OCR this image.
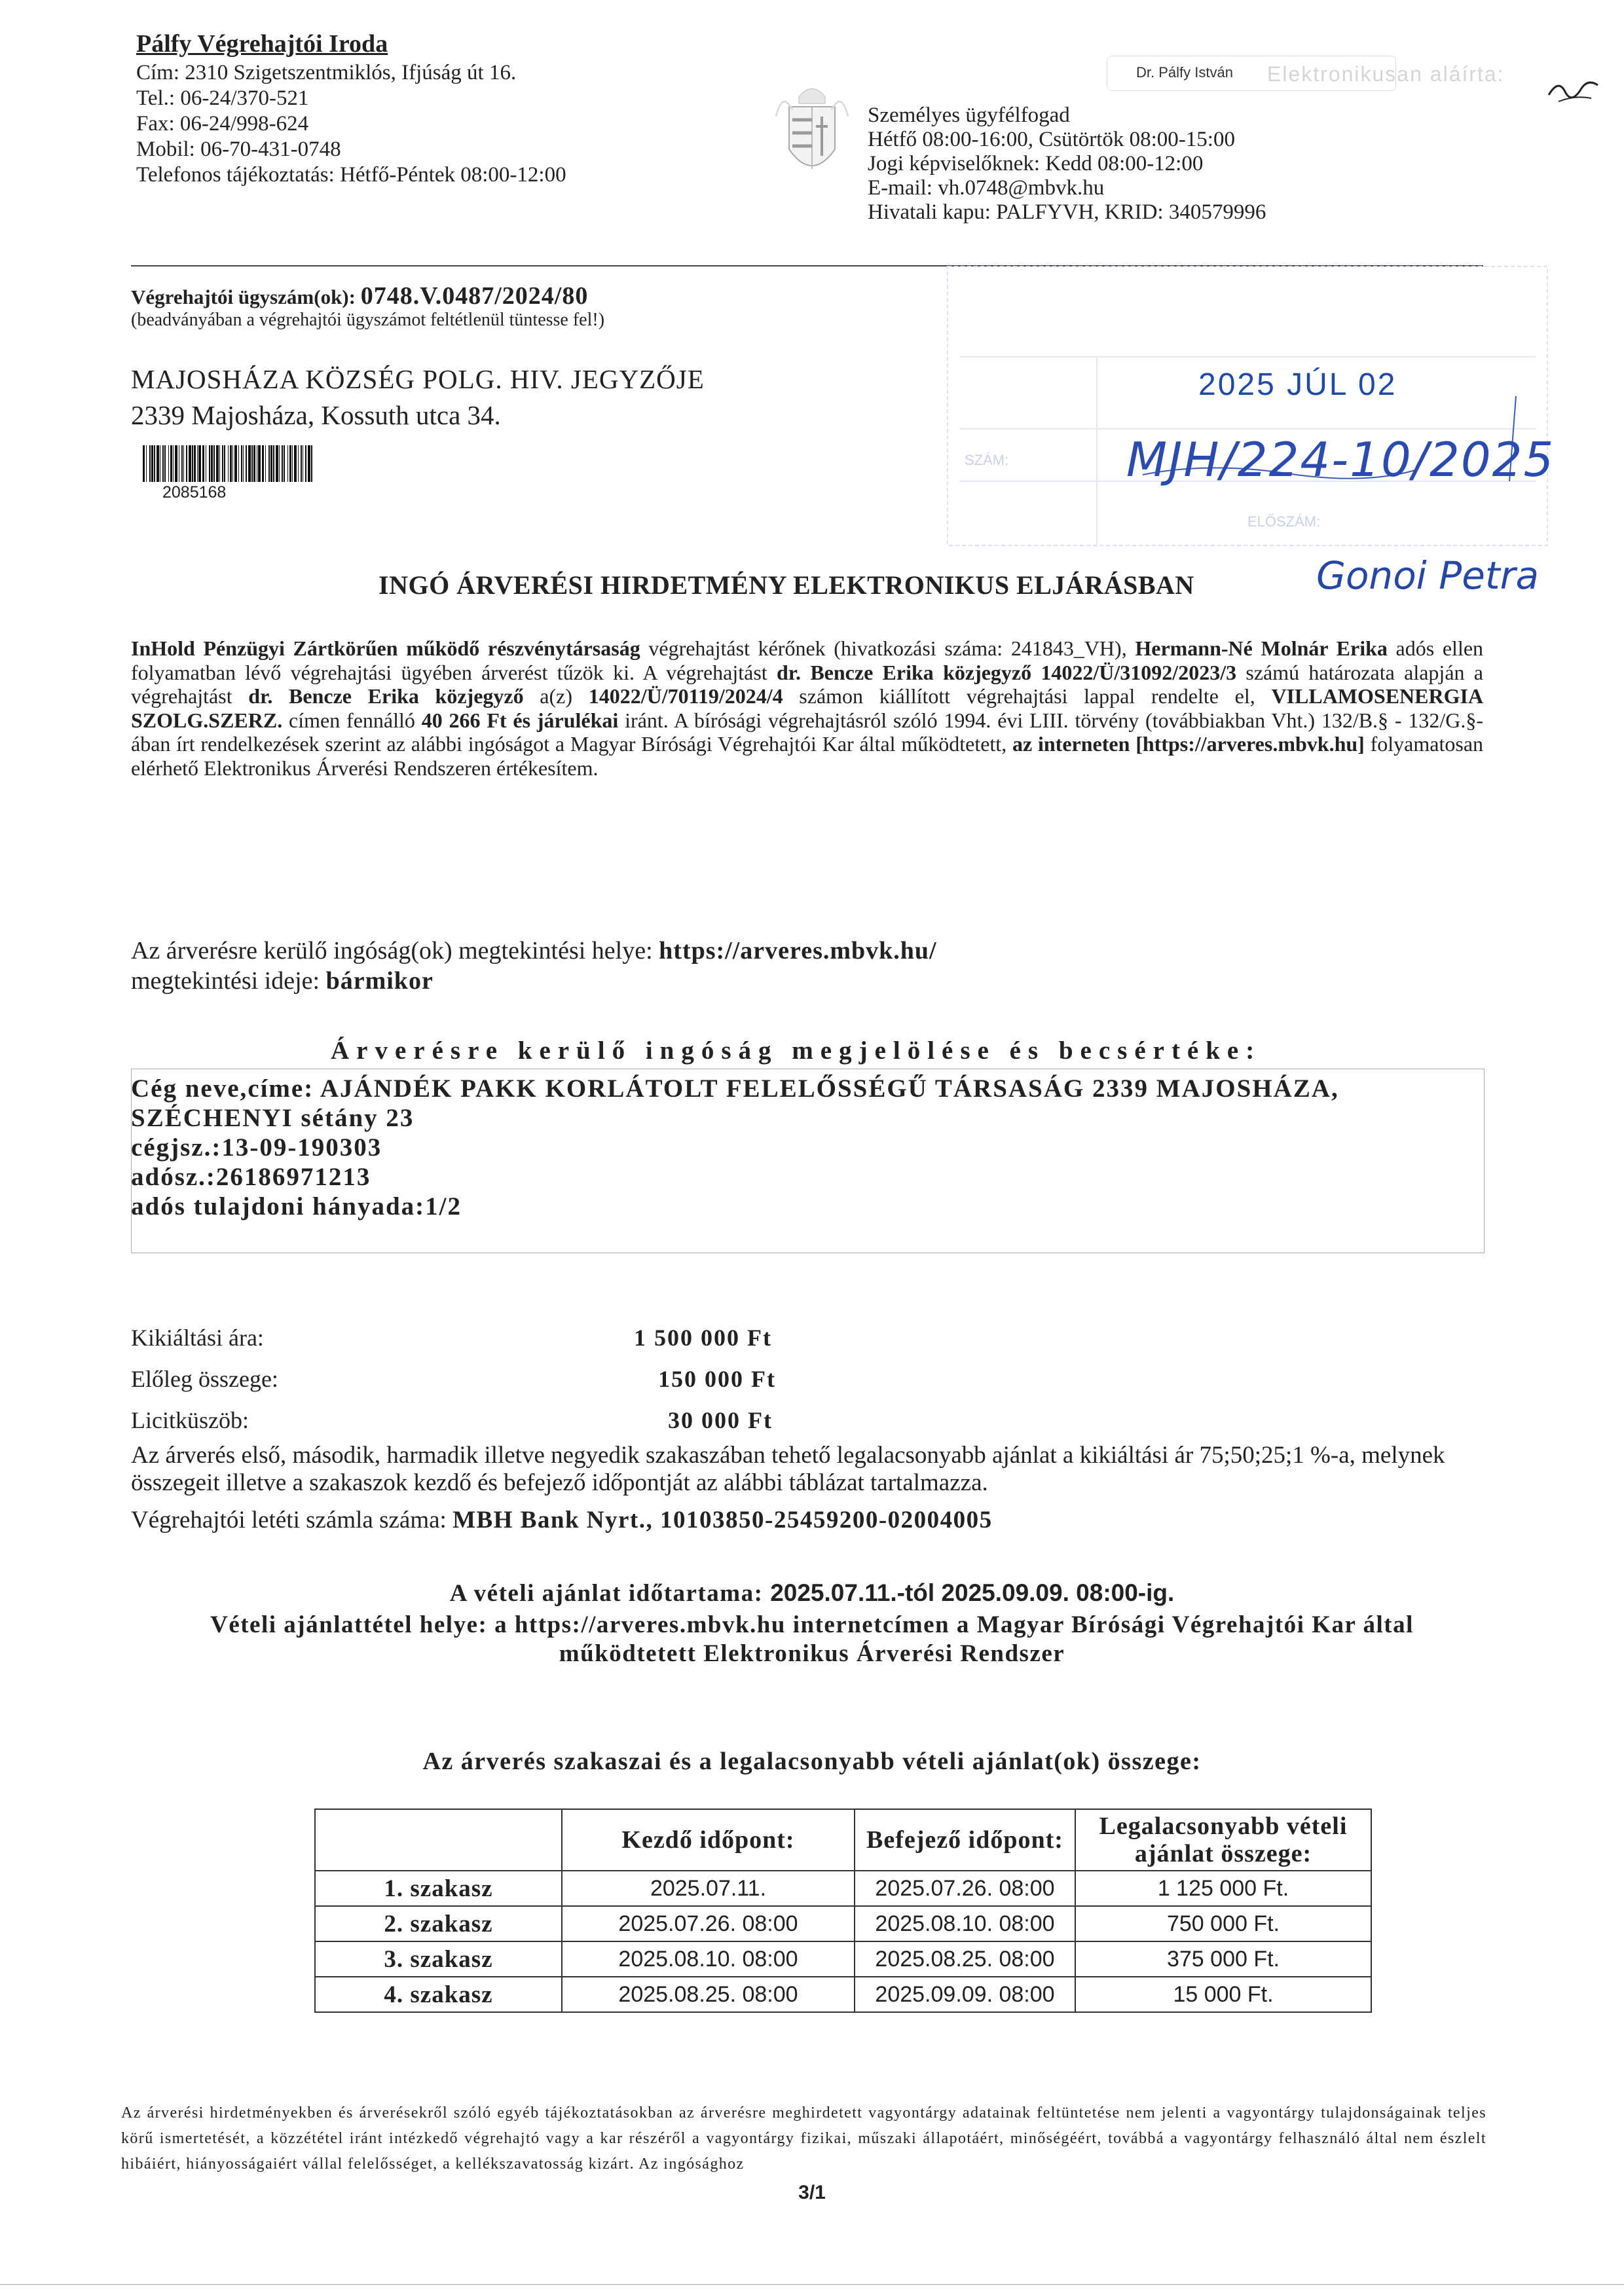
Pálfy Végrehajtói Iroda
Cím: 2310 Szigetszentmiklós, Ifjúság út 16.
Tel.: 06-24/370-521
Fax: 06-24/998-624
Mobil: 06-70-431-0748
Telefonos tájékoztatás: Hétfő-Péntek 08:00-12:00
Dr. Pálfy István Elektronikusan aláírta:
Személyes ügyfélfogad
Hétfő 08:00-16:00, Csütörtök 08:00-15:00
Jogi képviselőknek: Kedd 08:00-12:00
E-mail: vh.0748@mbvk.hu
Hivatali kapu: PALFYVH, KRID: 340579996
Végrehajtói ügyszám(ok): 0748.V.0487/2024/80
(beadványában a végrehajtói ügyszámot feltétlenül tüntesse fel!)
MAJOSHÁZA KÖZSÉG POLG. HIV. JEGYZŐJE
2339 Majosháza, Kossuth utca 34.
2085168
2025 JÚL 02
MJH/224-10/2025
SZÁM:
ELŐSZÁM:
Gonoi Petra
INGÓ ÁRVERÉSI HIRDETMÉNY ELEKTRONIKUS ELJÁRÁSBAN
InHold Pénzügyi Zártkörűen működő részvénytársaság végrehajtást kérőnek (hivatkozási száma: 241843_VH), Hermann-Né Molnár Erika adós ellen folyamatban lévő végrehajtási ügyében árverést tűzök ki. A végrehajtást dr. Bencze Erika közjegyző 14022/Ü/31092/2023/3 számú határozata alapján a végrehajtást dr. Bencze Erika közjegyző a(z) 14022/Ü/70119/2024/4 számon kiállított végrehajtási lappal rendelte el, VILLAMOSENERGIA SZOLG.SZERZ. címen fennálló 40 266 Ft és járulékai iránt. A bírósági végrehajtásról szóló 1994. évi LIII. törvény (továbbiakban Vht.) 132/B.§ - 132/G.§-ában írt rendelkezések szerint az alábbi ingóságot a Magyar Bírósági Végrehajtói Kar által működtetett, az interneten [https://arveres.mbvk.hu] folyamatosan elérhető Elektronikus Árverési Rendszeren értékesítem.
Az árverésre kerülő ingóság(ok) megtekintési helye: https://arveres.mbvk.hu/
megtekintési ideje: bármikor
Árverésre kerülő ingóság megjelölése és becsértéke:
Cég neve,címe: AJÁNDÉK PAKK KORLÁTOLT FELELŐSSÉGŰ TÁRSASÁG 2339 MAJOSHÁZA,
SZÉCHENYI sétány 23
cégjsz.:13-09-190303
adósz.:26186971213
adós tulajdoni hányada:1/2
Kikiáltási ára:	1 500 000 Ft
Előleg összege:	150 000 Ft
Licitküszöb:	30 000 Ft
Az árverés első, második, harmadik illetve negyedik szakaszában tehető legalacsonyabb ajánlat a kikiáltási ár 75;50;25;1 %-a, melynek összegeit illetve a szakaszok kezdő és befejező időpontját az alábbi táblázat tartalmazza.
Végrehajtói letéti számla száma: MBH Bank Nyrt., 10103850-25459200-02004005
A vételi ajánlat időtartama: 2025.07.11.-tól 2025.09.09. 08:00-ig.
Vételi ajánlattétel helye: a https://arveres.mbvk.hu internetcímen a Magyar Bírósági Végrehajtói Kar által
működtetett Elektronikus Árverési Rendszer
Az árverés szakaszai és a legalacsonyabb vételi ajánlat(ok) összege:
	Kezdő időpont:	Befejező időpont:	Legalacsonyabb vételi ajánlat összege:
1. szakasz	2025.07.11.	2025.07.26. 08:00	1 125 000 Ft.
2. szakasz	2025.07.26. 08:00	2025.08.10. 08:00	750 000 Ft.
3. szakasz	2025.08.10. 08:00	2025.08.25. 08:00	375 000 Ft.
4. szakasz	2025.08.25. 08:00	2025.09.09. 08:00	15 000 Ft.
Az árverési hirdetményekben és árverésekről szóló egyéb tájékoztatásokban az árverésre meghirdetett vagyontárgy adatainak feltüntetése nem jelenti a vagyontárgy tulajdonságainak teljes körű ismertetését, a közzététel iránt intézkedő végrehajtó vagy a kar részéről a vagyontárgy fizikai, műszaki állapotáért, minőségéért, továbbá a vagyontárgy felhasználó által nem észlelt hibáiért, hiányosságaiért vállal felelősséget, a kellékszavatosság kizárt. Az ingósághoz
3/1
